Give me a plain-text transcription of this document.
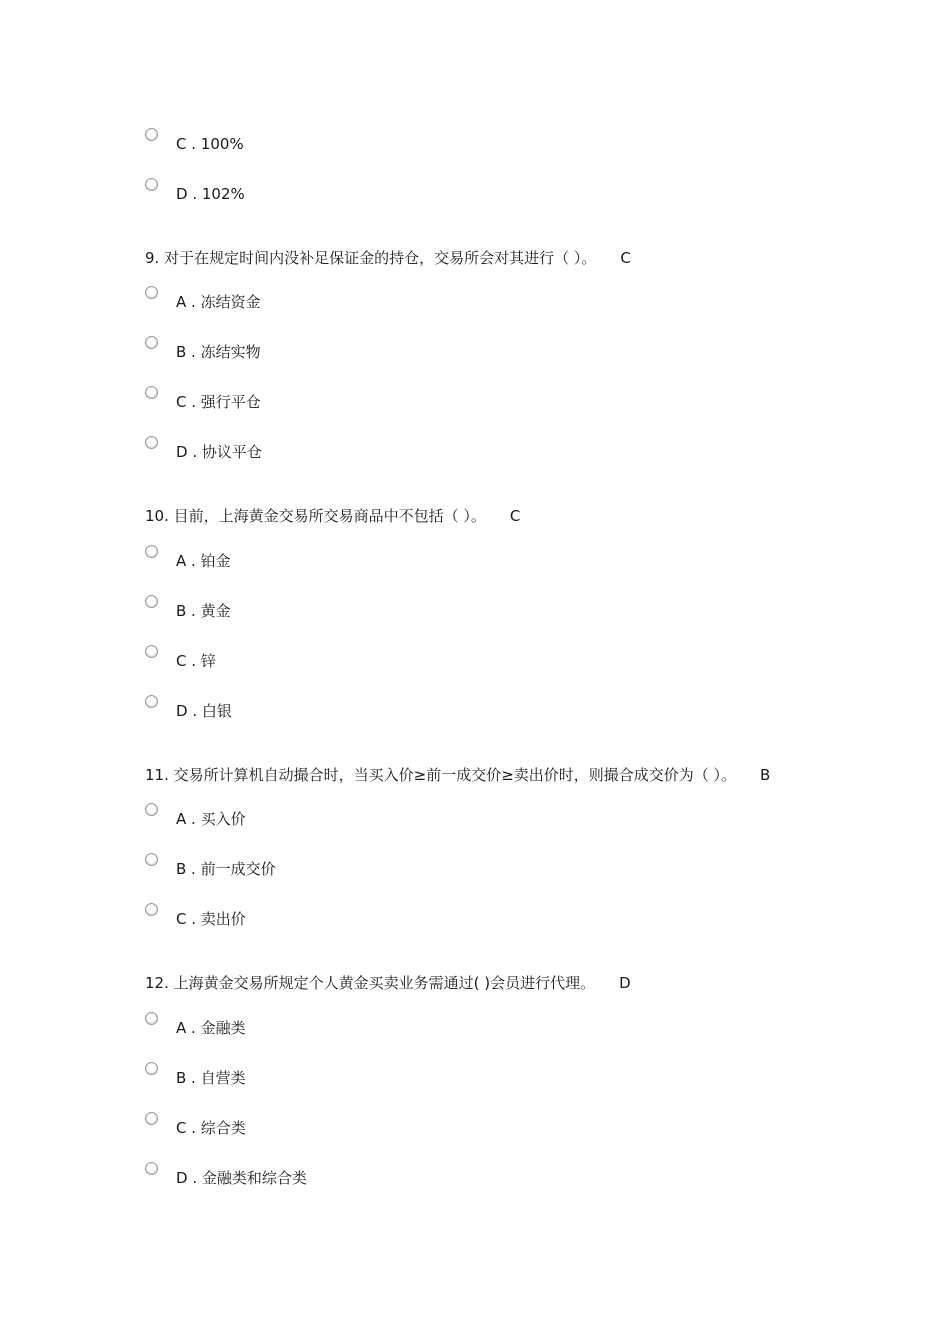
C . 100%
D . 102%
9. 对于在规定时间内没补足保证金的持仓，交易所会对其进行（ ）。 C
A . 冻结资金
B . 冻结实物
C . 强行平仓
D . 协议平仓
10. 目前，上海黄金交易所交易商品中不包括（ ）。 C
A . 铂金
B . 黄金
C . 锌
D . 白银
11. 交易所计算机自动撮合时，当买入价≥前一成交价≥卖出价时，则撮合成交价为（ ）。 B
A . 买入价
B . 前一成交价
C . 卖出价
12. 上海黄金交易所规定个人黄金买卖业务需通过( )会员进行代理。 D
A . 金融类
B . 自营类
C . 综合类
D . 金融类和综合类
